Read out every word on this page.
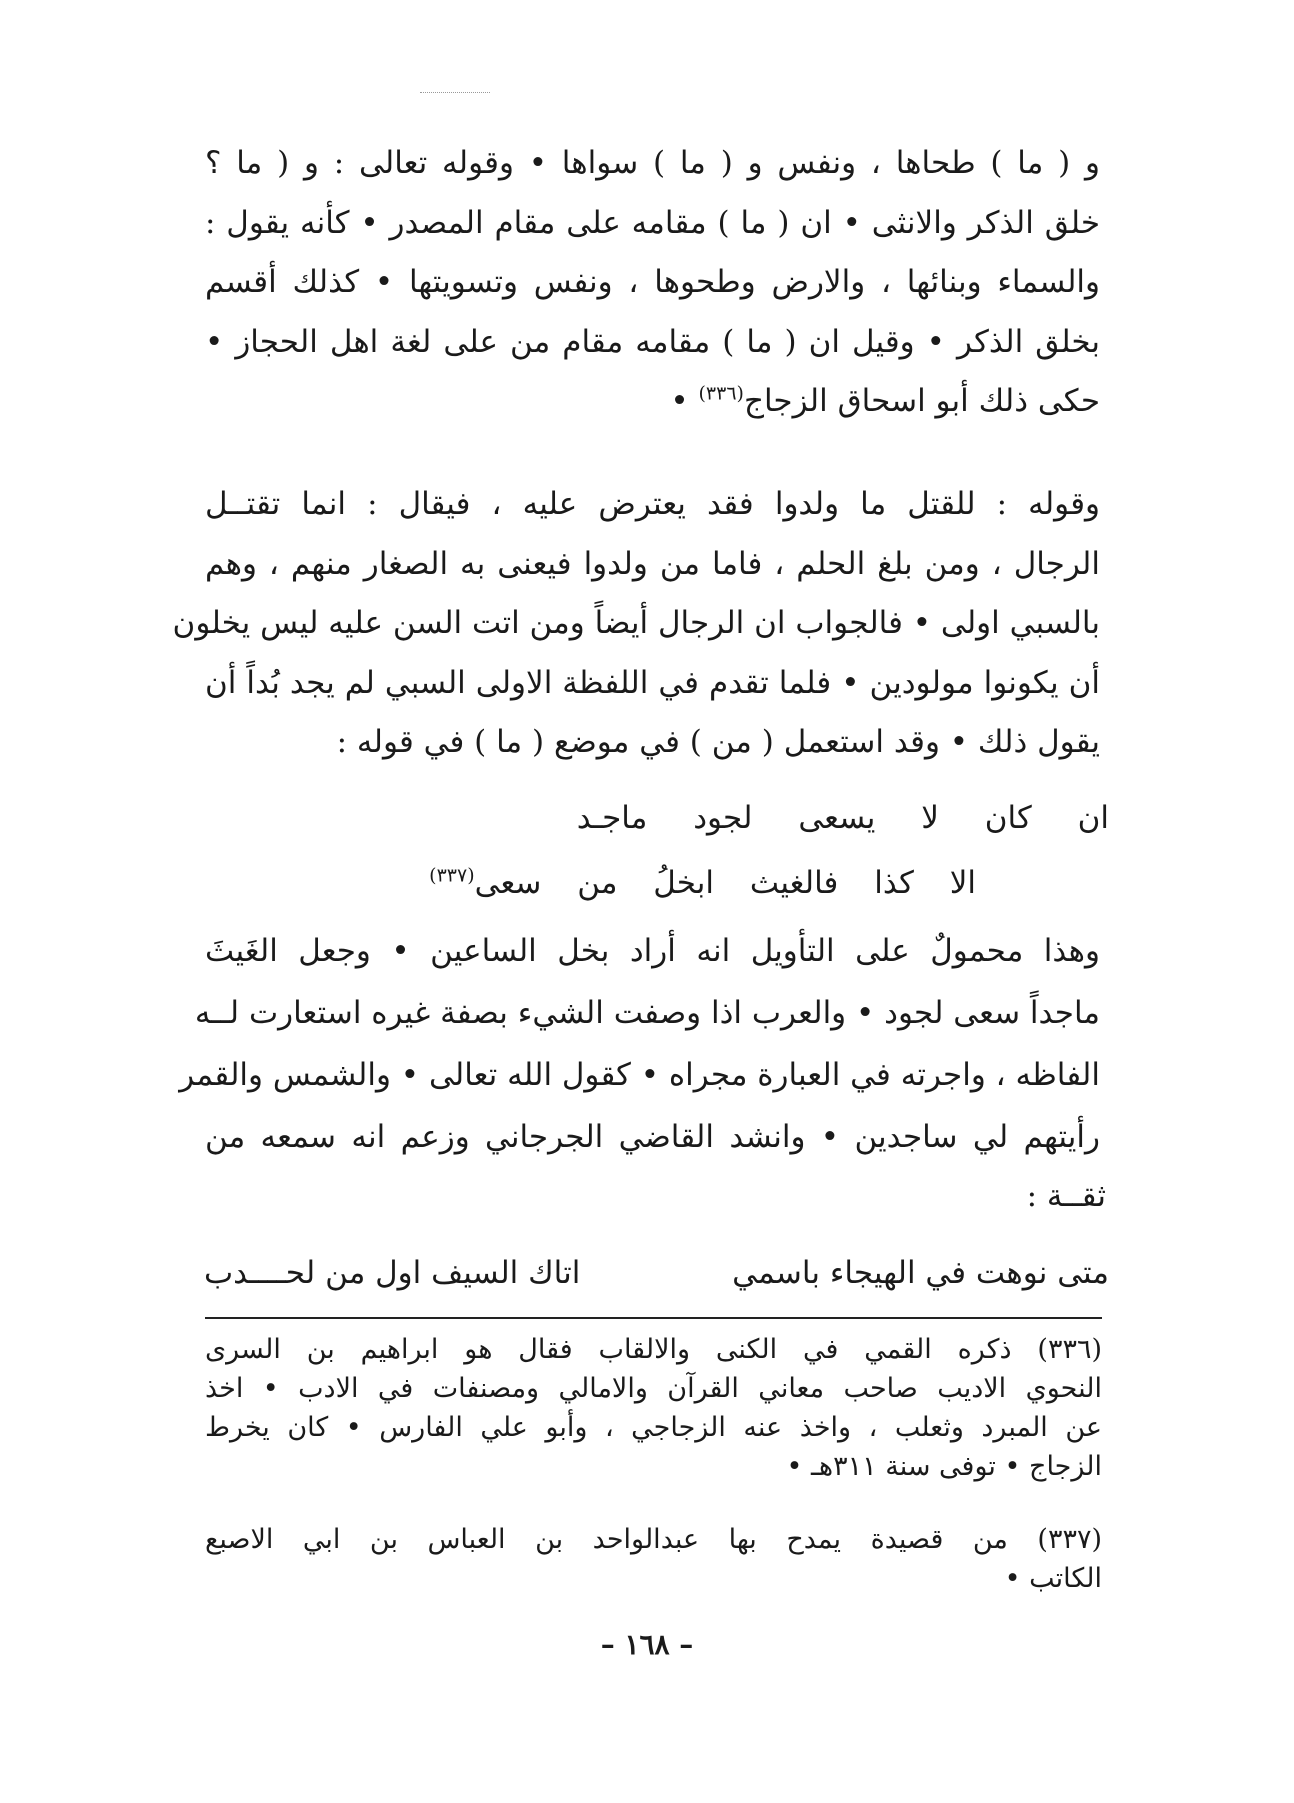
و ( ما ) طحاها ، ونفس و ( ما ) سواها • وقوله تعالى : و ( ما ؟
خلق الذكر والانثى • ان ( ما ) مقامه على مقام المصدر • كأنه يقول :
والسماء وبنائها ، والارض وطحوها ، ونفس وتسويتها • كذلك أقسم
بخلق الذكر • وقيل ان ( ما ) مقامه مقام من على لغة اهل الحجاز •
حكى ذلك أبو اسحاق الزجاج$^{(٣٣٦)}$ •
وقوله : للقتل ما ولدوا فقد يعترض عليه ، فيقال : انما تقتــل
الرجال ، ومن بلغ الحلم ، فاما من ولدوا فيعنى به الصغار منهم ، وهم
بالسبي اولى • فالجواب ان الرجال أيضاً ومن اتت السن عليه ليس يخلون
أن يكونوا مولودين • فلما تقدم في اللفظة الاولى السبي لم يجد بُداً أن
يقول ذلك • وقد استعمل ( من ) في موضع ( ما ) في قوله :
ان كان لا يسعى لجود ماجـد
الا كذا فالغيث ابخلُ من سعى$^{(٣٣٧)}$
وهذا محمولٌ على التأويل انه أراد بخل الساعين • وجعل الغَيثَ
ماجداً سعى لجود • والعرب اذا وصفت الشيء بصفة غيره استعارت لــه
الفاظه ، واجرته في العبارة مجراه • كقول الله تعالى • والشمس والقمر
رأيتهم لي ساجدين • وانشد القاضي الجرجاني وزعم انه سمعه من
ثقــة :
متى نوهت في الهيجاء باسمي
اتاك السيف اول من لحــــدب
(٣٣٦) ذكره القمي في الكنى والالقاب فقال هو ابراهيم بن السرى
النحوي الاديب صاحب معاني القرآن والامالي ومصنفات في الادب • اخذ
عن المبرد وثعلب ، واخذ عنه الزجاجي ، وأبو علي الفارس • كان يخرط
الزجاج • توفى سنة ٣١١هـ •
(٣٣٧) من قصيدة يمدح بها عبدالواحد بن العباس بن ابي الاصبع
الكاتب •
– ١٦٨ –
